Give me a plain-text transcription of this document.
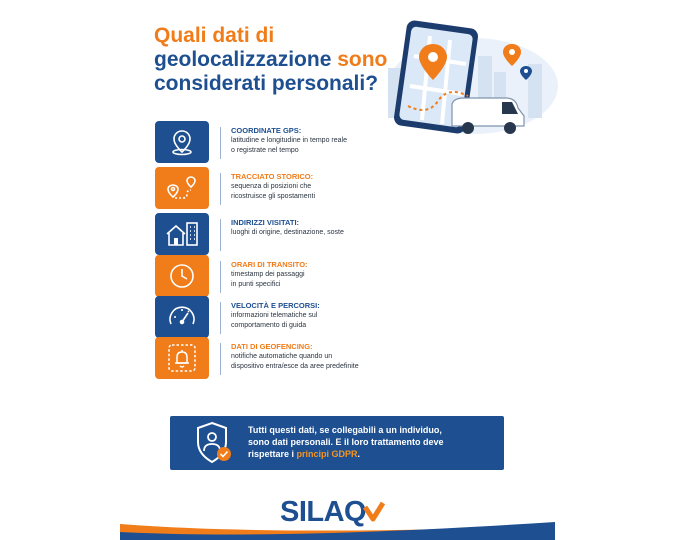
Quali dati di
geolocalizzazione sono
considerati personali?
COORDINATE GPS:
latitudine e longitudine in tempo reale
o registrate nel tempo
TRACCIATO STORICO:
sequenza di posizioni che
ricostruisce gli spostamenti
INDIRIZZI VISITATI:
luoghi di origine, destinazione, soste
ORARI DI TRANSITO:
timestamp dei passaggi
in punti specifici
VELOCITÀ E PERCORSI:
informazioni telematiche sul
comportamento di guida
DATI DI GEOFENCING:
notifiche automatiche quando un
dispositivo entra/esce da aree predefinite
Tutti questi dati, se collegabili a un individuo,
sono dati personali. E il loro trattamento deve
rispettare i principi GDPR.
SILAQ
